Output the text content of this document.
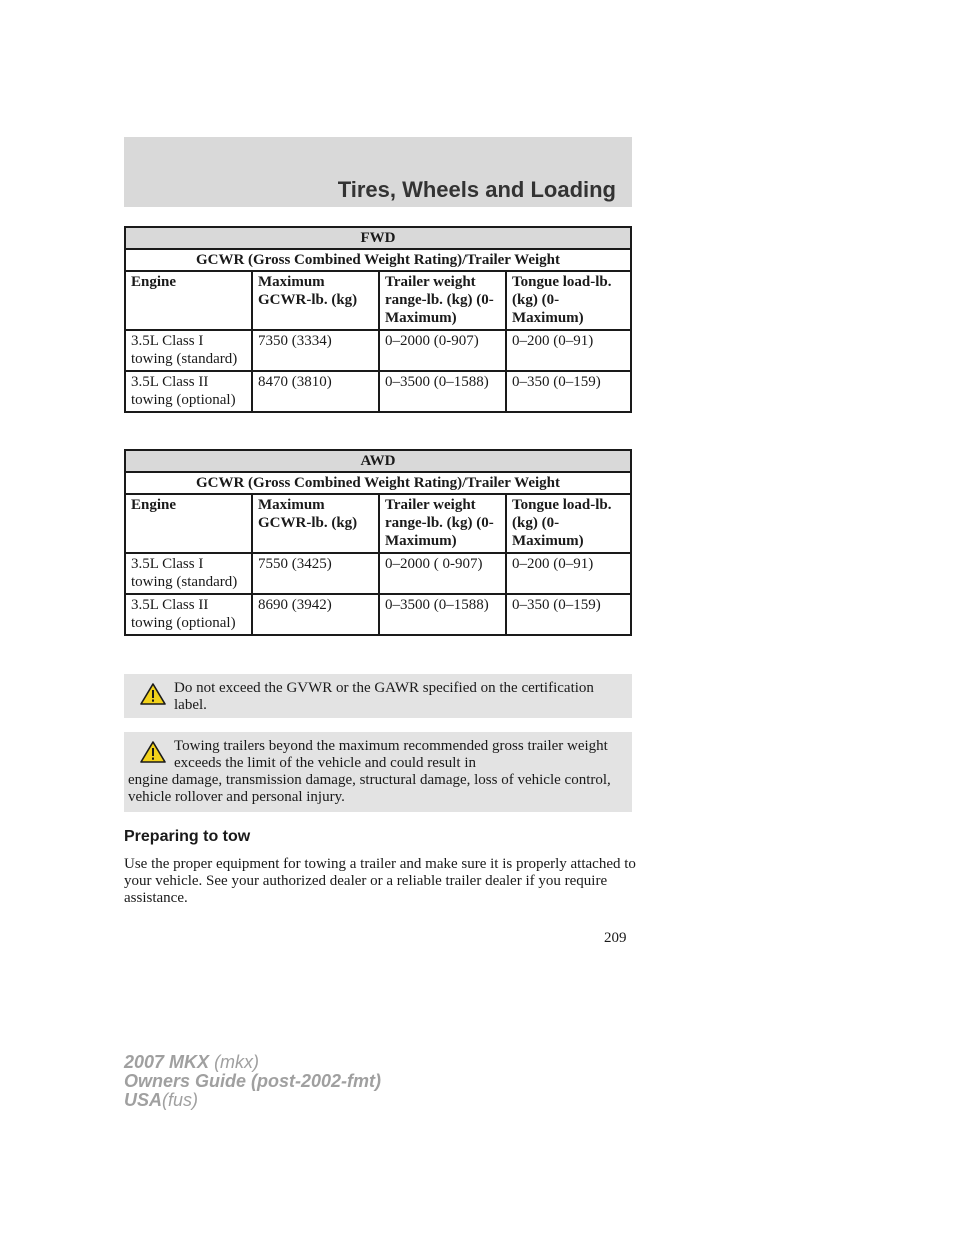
Tires, Wheels and Loading
FWD			
GCWR (Gross Combined Weight Rating)/Trailer Weight			
Engine	Maximum GCWR-lb. (kg)	Trailer weight range-lb. (kg) (0-Maximum)	Tongue load-lb. (kg) (0-Maximum)
3.5L Class I towing (standard)	7350 (3334)	0–2000 (0-907)	0–200 (0–91)
3.5L Class II towing (optional)	8470 (3810)	0–3500 (0–1588)	0–350 (0–159)
AWD			
GCWR (Gross Combined Weight Rating)/Trailer Weight			
Engine	Maximum GCWR-lb. (kg)	Trailer weight range-lb. (kg) (0-Maximum)	Tongue load-lb. (kg) (0-Maximum)
3.5L Class I towing (standard)	7550 (3425)	0–2000 ( 0-907)	0–200 (0–91)
3.5L Class II towing (optional)	8690 (3942)	0–3500 (0–1588)	0–350 (0–159)
Do not exceed the GVWR or the GAWR specified on the certification label.
Towing trailers beyond the maximum recommended gross trailer weight exceeds the limit of the vehicle and could result in
engine damage, transmission damage, structural damage, loss of vehicle control, vehicle rollover and personal injury.
Preparing to tow
Use the proper equipment for towing a trailer and make sure it is properly attached to your vehicle. See your authorized dealer or a reliable trailer dealer if you require assistance.
209
2007 MKX (mkx)
Owners Guide (post-2002-fmt)
USA(fus)
